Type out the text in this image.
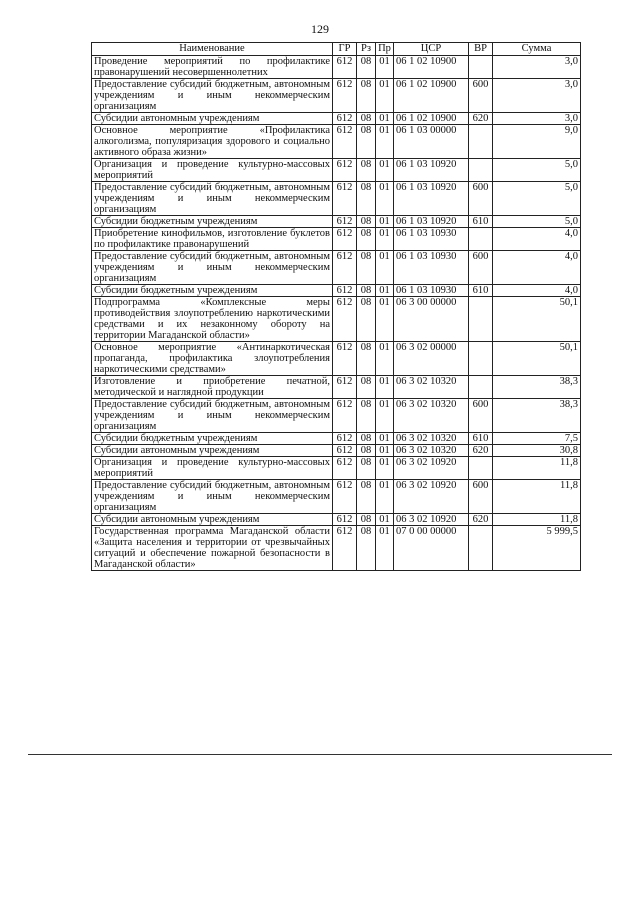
129
Наименование	ГР	Рз	Пр	ЦСР	ВР	Сумма
Проведение мероприятий по профилактике правонарушений несовершеннолетних	612	08	01	06 1 02 10900		3,0
Предоставление субсидий бюджетным, автономным учреждениям и иным некоммерческим организациям	612	08	01	06 1 02 10900	600	3,0
Субсидии автономным учреждениям	612	08	01	06 1 02 10900	620	3,0
Основное мероприятие «Профилактика алкоголизма, популяризация здорового и социально активного образа жизни»	612	08	01	06 1 03 00000		9,0
Организация и проведение культурно-массовых мероприятий	612	08	01	06 1 03 10920		5,0
Предоставление субсидий бюджетным, автономным учреждениям и иным некоммерческим организациям	612	08	01	06 1 03 10920	600	5,0
Субсидии бюджетным учреждениям	612	08	01	06 1 03 10920	610	5,0
Приобретение кинофильмов, изготовление буклетов по профилактике правонарушений	612	08	01	06 1 03 10930		4,0
Предоставление субсидий бюджетным, автономным учреждениям и иным некоммерческим организациям	612	08	01	06 1 03 10930	600	4,0
Субсидии бюджетным учреждениям	612	08	01	06 1 03 10930	610	4,0
Подпрограмма «Комплексные меры противодействия злоупотреблению наркотическими средствами и их незаконному обороту на территории Магаданской области»	612	08	01	06 3 00 00000		50,1
Основное мероприятие «Антинаркотическая пропаганда, профилактика злоупотребления наркотическими средствами»	612	08	01	06 3 02 00000		50,1
Изготовление и приобретение печатной, методической и наглядной продукции	612	08	01	06 3 02 10320		38,3
Предоставление субсидий бюджетным, автономным учреждениям и иным некоммерческим организациям	612	08	01	06 3 02 10320	600	38,3
Субсидии бюджетным учреждениям	612	08	01	06 3 02 10320	610	7,5
Субсидии автономным учреждениям	612	08	01	06 3 02 10320	620	30,8
Организация и проведение культурно-массовых мероприятий	612	08	01	06 3 02 10920		11,8
Предоставление субсидий бюджетным, автономным учреждениям и иным некоммерческим организациям	612	08	01	06 3 02 10920	600	11,8
Субсидии автономным учреждениям	612	08	01	06 3 02 10920	620	11,8
Государственная программа Магаданской области «Защита населения и территории от чрезвычайных ситуаций и обеспечение пожарной безопасности в Магаданской области»	612	08	01	07 0 00 00000		5 999,5
